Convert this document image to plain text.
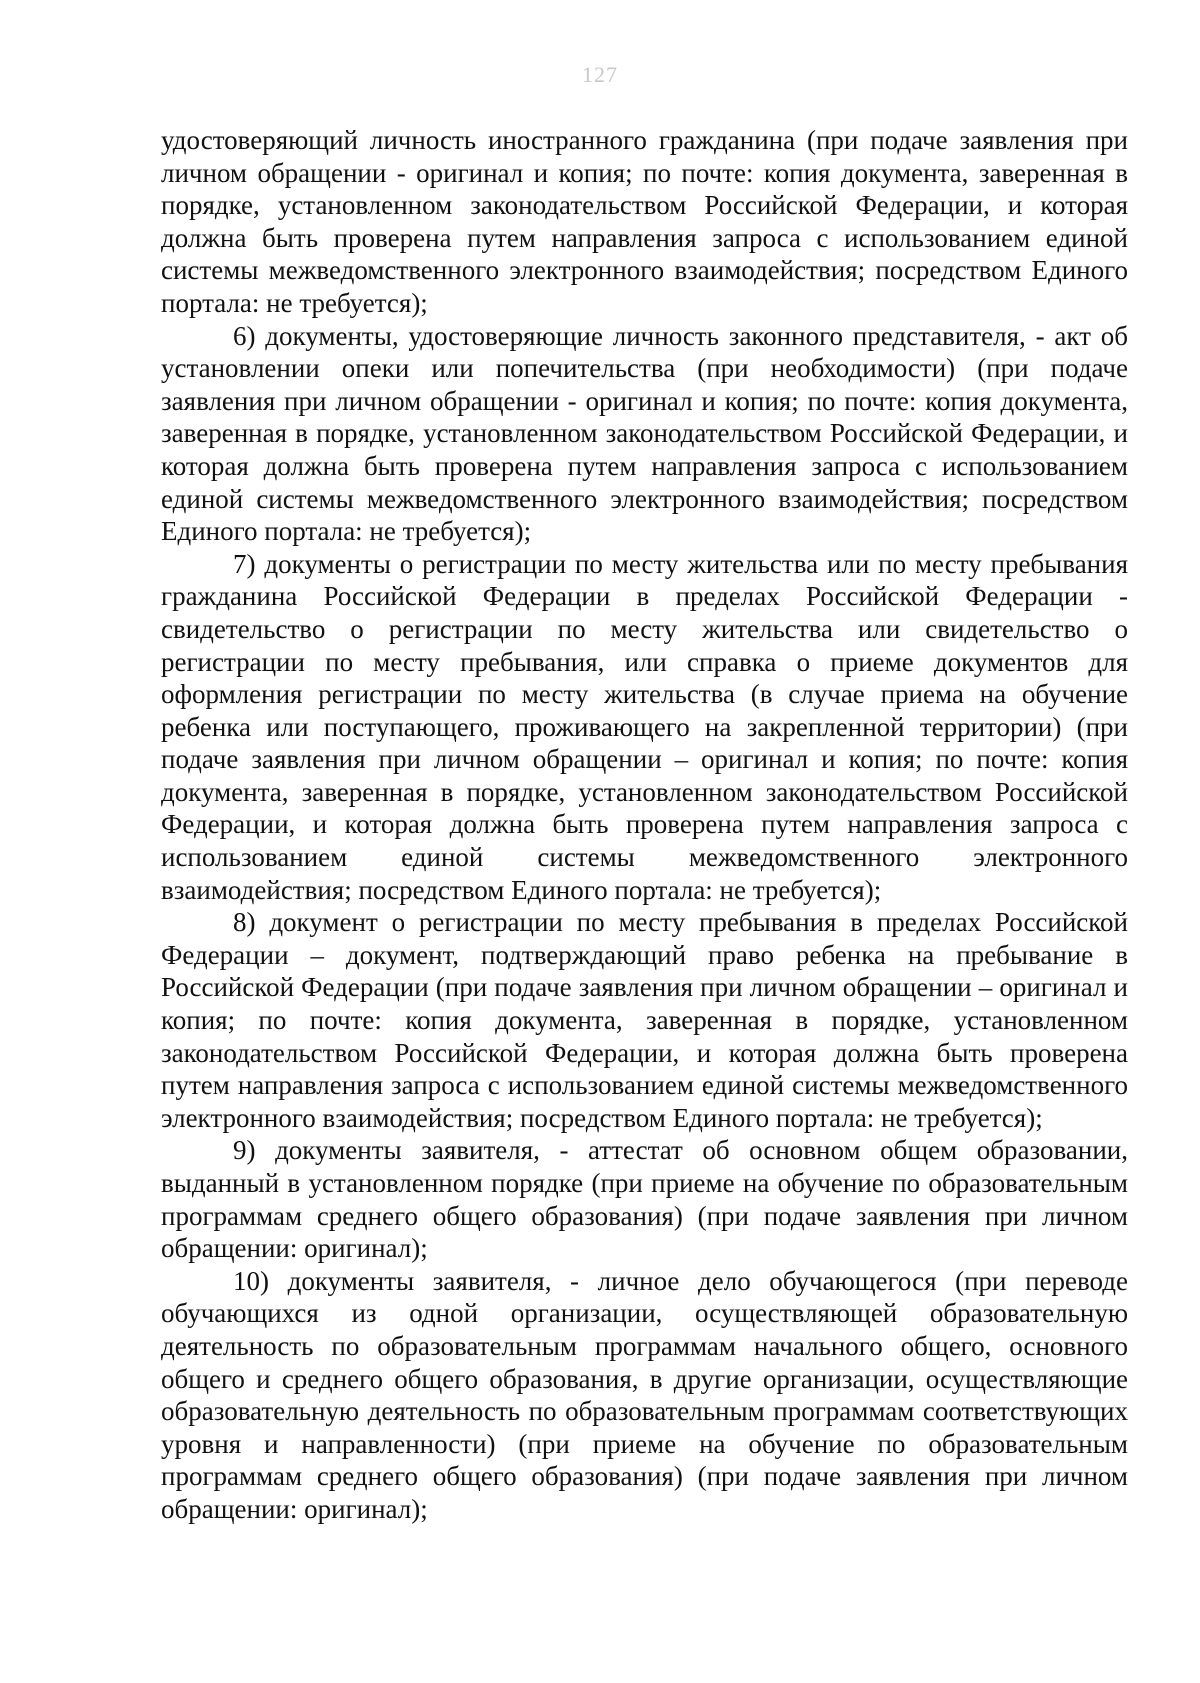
127

удостоверяющий личность иностранного гражданина (при подаче заявления при личном обращении - оригинал и копия; по почте: копия документа, заверенная в порядке, установленном законодательством Российской Федерации, и которая должна быть проверена путем направления запроса с использованием единой системы межведомственного электронного взаимодействия; посредством Единого портала: не требуется);

6) документы, удостоверяющие личность законного представителя, - акт об установлении опеки или попечительства (при необходимости) (при подаче заявления при личном обращении - оригинал и копия; по почте: копия документа, заверенная в порядке, установленном законодательством Российской Федерации, и которая должна быть проверена путем направления запроса с использованием единой системы межведомственного электронного взаимодействия; посредством Единого портала: не требуется);

7) документы о регистрации по месту жительства или по месту пребывания гражданина Российской Федерации в пределах Российской Федерации - свидетельство о регистрации по месту жительства или свидетельство о регистрации по месту пребывания, или справка о приеме документов для оформления регистрации по месту жительства (в случае приема на обучение ребенка или поступающего, проживающего на закрепленной территории) (при подаче заявления при личном обращении – оригинал и копия; по почте: копия документа, заверенная в порядке, установленном законодательством Российской Федерации, и которая должна быть проверена путем направления запроса с использованием единой системы межведомственного электронного взаимодействия; посредством Единого портала: не требуется);

8) документ о регистрации по месту пребывания в пределах Российской Федерации – документ, подтверждающий право ребенка на пребывание в Российской Федерации (при подаче заявления при личном обращении – оригинал и копия; по почте: копия документа, заверенная в порядке, установленном законодательством Российской Федерации, и которая должна быть проверена путем направления запроса с использованием единой системы межведомственного электронного взаимодействия; посредством Единого портала: не требуется);

9) документы заявителя, - аттестат об основном общем образовании, выданный в установленном порядке (при приеме на обучение по образовательным программам среднего общего образования) (при подаче заявления при личном обращении: оригинал);

10) документы заявителя, - личное дело обучающегося (при переводе обучающихся из одной организации, осуществляющей образовательную деятельность по образовательным программам начального общего, основного общего и среднего общего образования, в другие организации, осуществляющие образовательную деятельность по образовательным программам соответствующих уровня и направленности) (при приеме на обучение по образовательным программам среднего общего образования) (при подаче заявления при личном обращении: оригинал);
